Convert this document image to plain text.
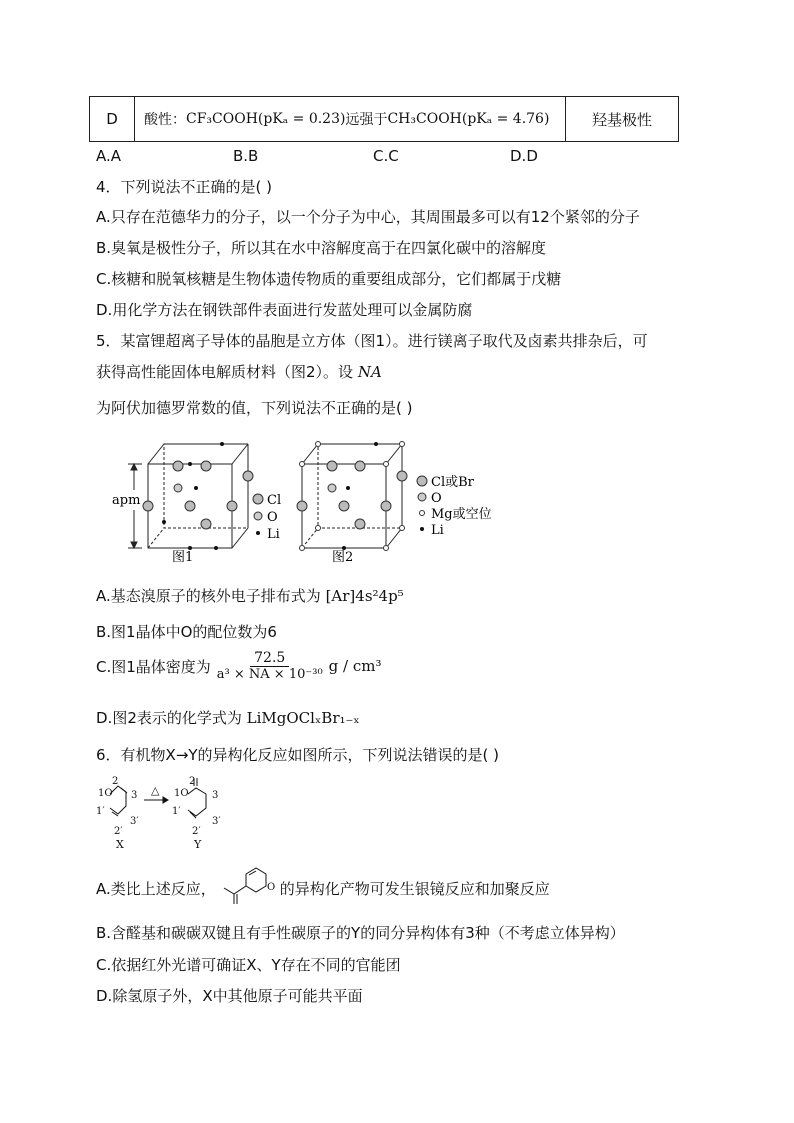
D 酸性： CF₃COOH(pKₐ = 0.23) 远强于 CH₃COOH(pKₐ = 4.76)	羟基极性
A.A	B.B	C.C	D.D
4．下列说法不正确的是( )
A.只存在范德华力的分子，以一个分子为中心，其周围最多可以有12个紧邻的分子
B.臭氧是极性分子，所以其在水中溶解度高于在四氯化碳中的溶解度
C.核糖和脱氧核糖是生物体遗传物质的重要组成部分，它们都属于戊糖
D.用化学方法在钢铁部件表面进行发蓝处理可以金属防腐
5．某富锂超离子导体的晶胞是立方体（图1）。进行镁离子取代及卤素共排杂后，可
获得高性能固体电解质材料（图2）。设 NA
为阿伏加德罗常数的值，下列说法不正确的是( )
apm	Cl
O
Li
图1
Cl或Br
O
Mg或空位
Li
图2
A.基态溴原子的核外电子排布式为 [Ar]4s²4p⁵
B.图1晶体中O的配位数为6
C.图1晶体密度为 $\frac{72.5}{\text{a³ × NA × 10⁻³⁰}}$ g / cm³
D.图2表示的化学式为 LiMgOClₓBr₁₋ₓ
6．有机物X→Y的异构化反应如图所示，下列说法错误的是( )
1O
2
3
1′
3′
2′
X
1O
2
3
1′
3′
2′
Y
△
A.类比上述反应，	O 的异构化产物可发生银镜反应和加聚反应
B.含醛基和碳碳双键且有手性碳原子的Y的同分异构体有3种（不考虑立体异构）
C.依据红外光谱可确证X、Y存在不同的官能团
D.除氢原子外，X中其他原子可能共平面
